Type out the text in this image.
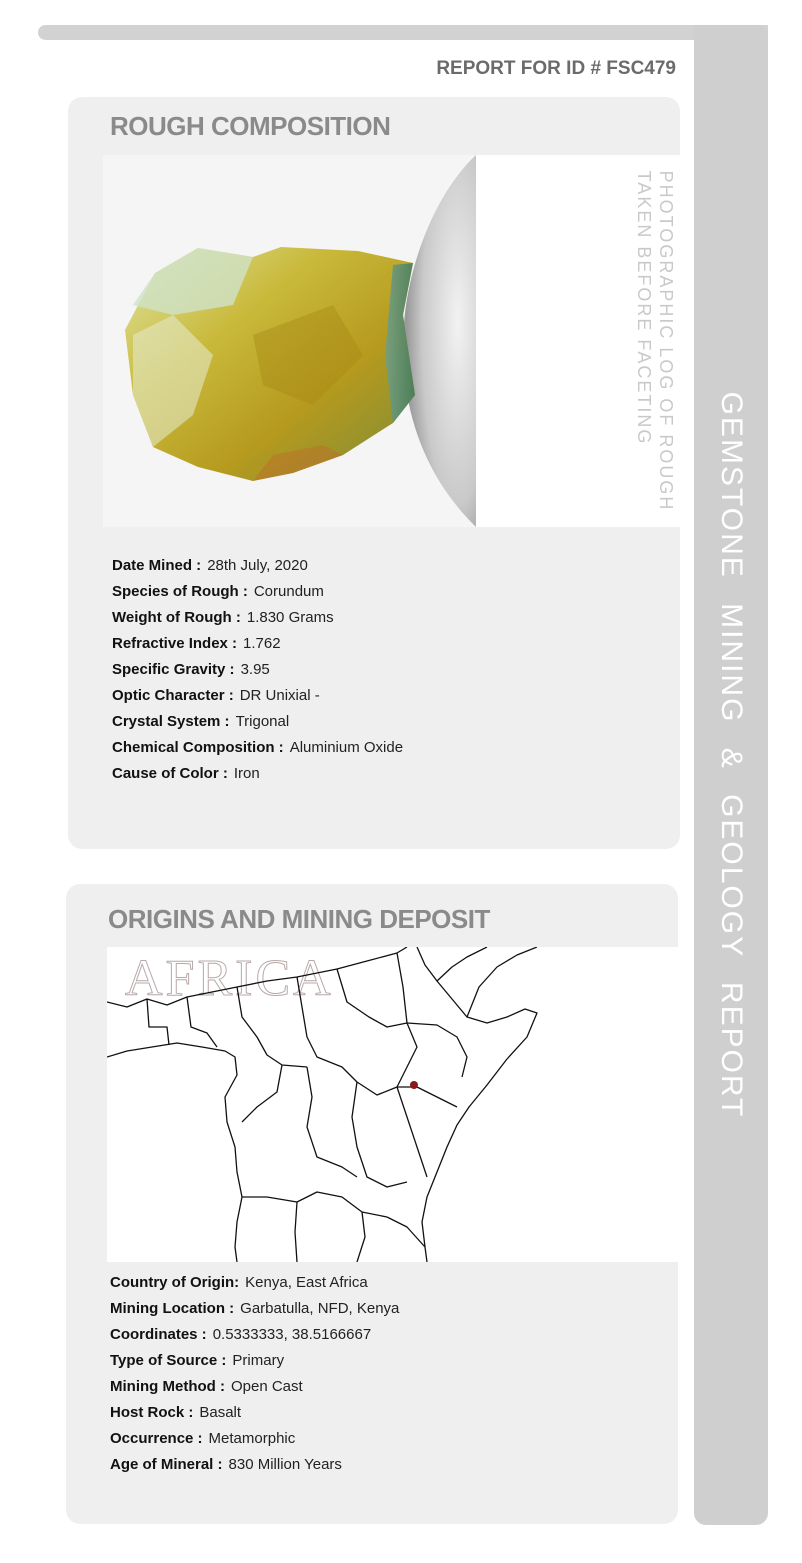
GEMSTONE MINING & GEOLOGY REPORT
REPORT FOR ID # FSC479
ROUGH COMPOSITION
PHOTOGRAPHIC LOG OF ROUGH
TAKEN BEFORE FACETING
Date Mined : 28th July, 2020
Species of Rough : Corundum
Weight of Rough : 1.830 Grams
Refractive Index : 1.762
Specific Gravity : 3.95
Optic Character : DR Unixial -
Crystal System : Trigonal
Chemical Composition : Aluminium Oxide
Cause of Color : Iron
ORIGINS AND MINING DEPOSIT
AFRICA
Country of Origin: Kenya, East Africa
Mining Location : Garbatulla, NFD, Kenya
Coordinates : 0.5333333, 38.5166667
Type of Source : Primary
Mining Method : Open Cast
Host Rock : Basalt
Occurrence : Metamorphic
Age of Mineral : 830 Million Years
